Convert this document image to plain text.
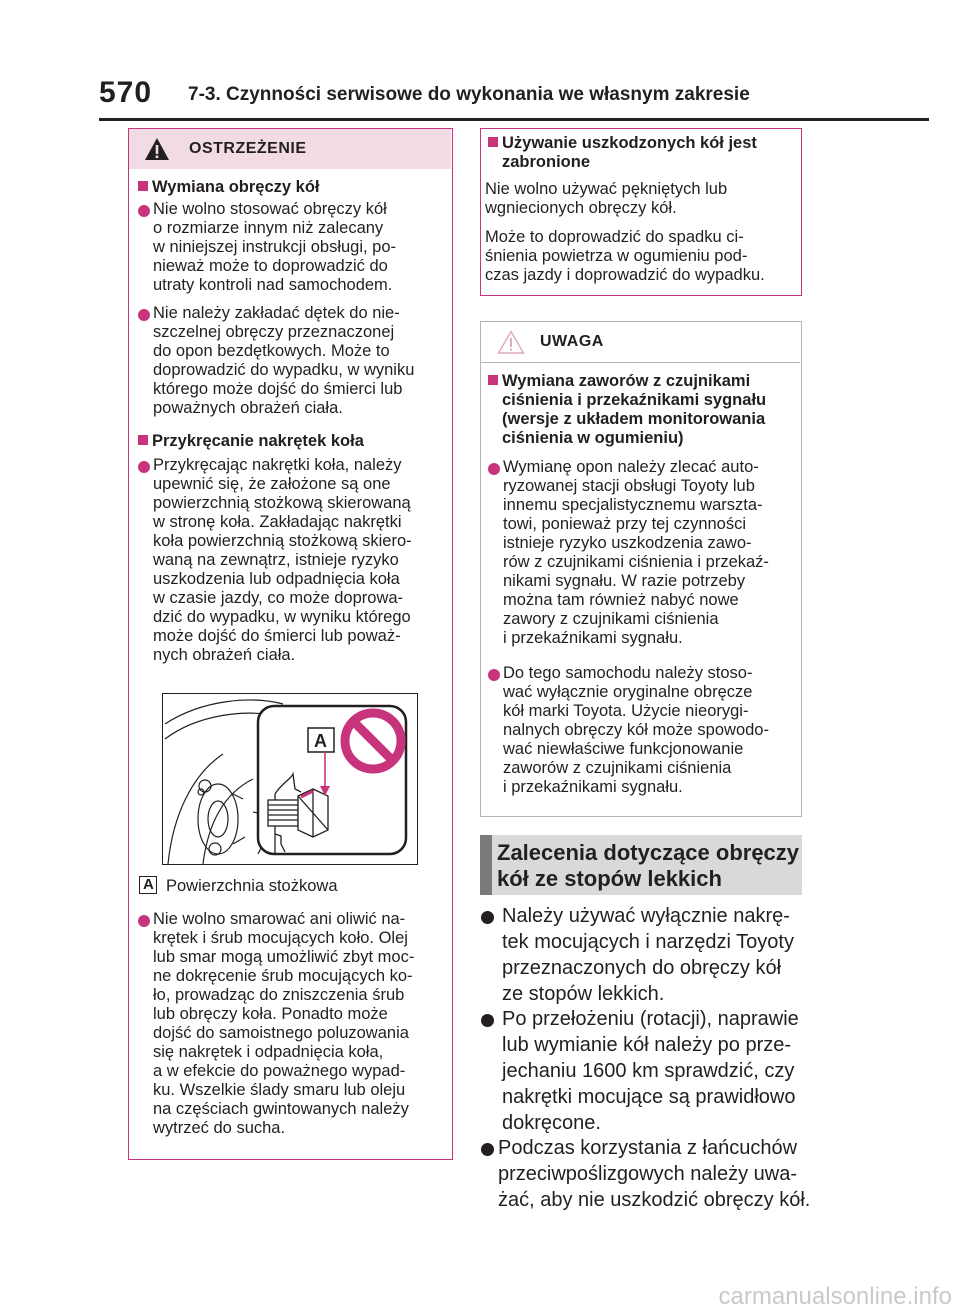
570 7-3. Czynności serwisowe do wykonania we własnym zakresie
OSTRZEŻENIE
Wymiana obręczy kół
Nie wolno stosować obręczy kół
o rozmiarze innym niż zalecany
w niniejszej instrukcji obsługi, po-
nieważ może to doprowadzić do
utraty kontroli nad samochodem.
Nie należy zakładać dętek do nie-
szczelnej obręczy przeznaczonej
do opon bezdętkowych. Może to
doprowadzić do wypadku, w wyniku
którego może dojść do śmierci lub
poważnych obrażeń ciała.
Przykręcanie nakrętek koła
Przykręcając nakrętki koła, należy
upewnić się, że założone są one
powierzchnią stożkową skierowaną
w stronę koła. Zakładając nakrętki
koła powierzchnią stożkową skiero-
waną na zewnątrz, istnieje ryzyko
uszkodzenia lub odpadnięcia koła
w czasie jazdy, co może doprowa-
dzić do wypadku, w wyniku którego
może dojść do śmierci lub poważ-
nych obrażeń ciała.
A
A Powierzchnia stożkowa
Nie wolno smarować ani oliwić na-
krętek i śrub mocujących koło. Olej
lub smar mogą umożliwić zbyt moc-
ne dokręcenie śrub mocujących ko-
ło, prowadząc do zniszczenia śrub
lub obręczy koła. Ponadto może
dojść do samoistnego poluzowania
się nakrętek i odpadnięcia koła,
a w efekcie do poważnego wypad-
ku. Wszelkie ślady smaru lub oleju
na częściach gwintowanych należy
wytrzeć do sucha.
Używanie uszkodzonych kół jest
zabronione
Nie wolno używać pękniętych lub
wgniecionych obręczy kół.
Może to doprowadzić do spadku ci-
śnienia powietrza w ogumieniu pod-
czas jazdy i doprowadzić do wypadku.
UWAGA
Wymiana zaworów z czujnikami
ciśnienia i przekaźnikami sygnału
(wersje z układem monitorowania
ciśnienia w ogumieniu)
Wymianę opon należy zlecać auto-
ryzowanej stacji obsługi Toyoty lub
innemu specjalistycznemu warszta-
towi, ponieważ przy tej czynności
istnieje ryzyko uszkodzenia zawo-
rów z czujnikami ciśnienia i przekaź-
nikami sygnału. W razie potrzeby
można tam również nabyć nowe
zawory z czujnikami ciśnienia
i przekaźnikami sygnału.
Do tego samochodu należy stoso-
wać wyłącznie oryginalne obręcze
kół marki Toyota. Użycie nieorygi-
nalnych obręczy kół może spowodo-
wać niewłaściwe funkcjonowanie
zaworów z czujnikami ciśnienia
i przekaźnikami sygnału.
Zalecenia dotyczące obręczy
kół ze stopów lekkich
Należy używać wyłącznie nakrę-
tek mocujących i narzędzi Toyoty
przeznaczonych do obręczy kół
ze stopów lekkich.
Po przełożeniu (rotacji), naprawie
lub wymianie kół należy po prze-
jechaniu 1600 km sprawdzić, czy
nakrętki mocujące są prawidłowo
dokręcone.
Podczas korzystania z łańcuchów
przeciwpoślizgowych należy uwa-
żać, aby nie uszkodzić obręczy kół.
carmanualsonline.info
